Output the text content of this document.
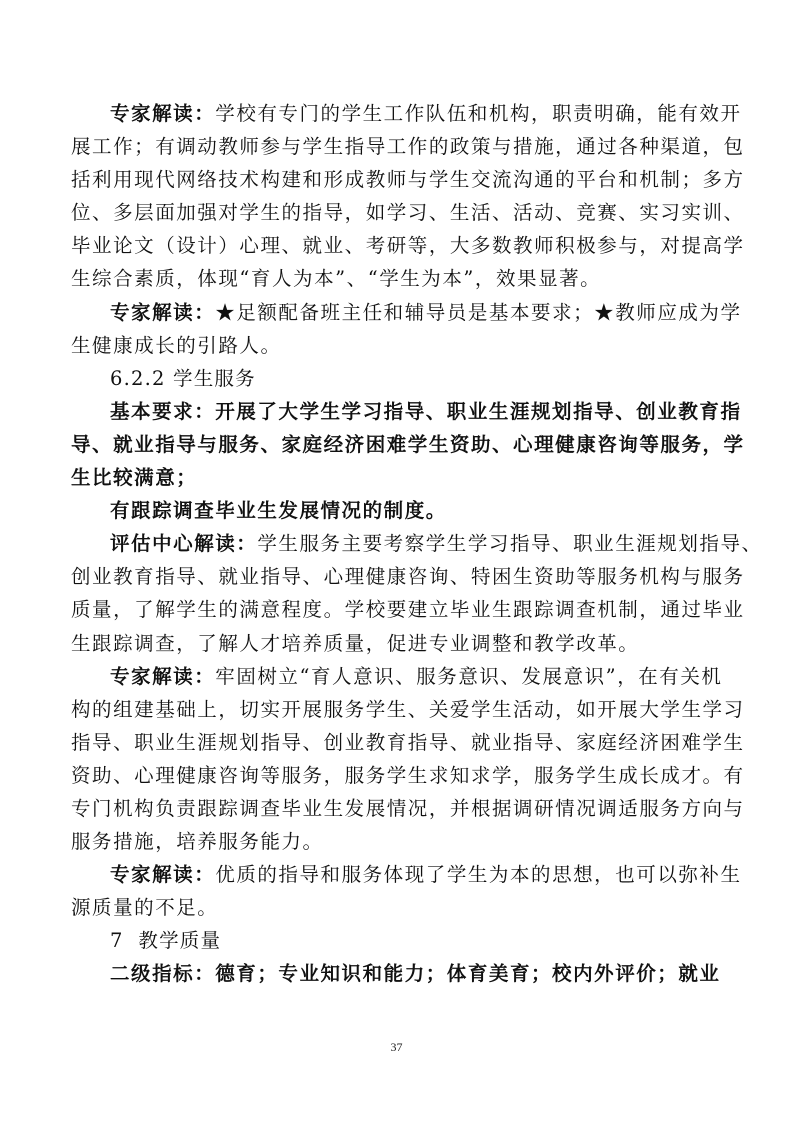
专家解读：学校有专门的学生工作队伍和机构，职责明确，能有效开
展工作；有调动教师参与学生指导工作的政策与措施，通过各种渠道，包
括利用现代网络技术构建和形成教师与学生交流沟通的平台和机制；多方
位、多层面加强对学生的指导，如学习、生活、活动、竞赛、实习实训、
毕业论文（设计）心理、就业、考研等，大多数教师积极参与，对提高学
生综合素质，体现“育人为本”、“学生为本”，效果显著。

专家解读：★足额配备班主任和辅导员是基本要求；★教师应成为学
生健康成长的引路人。

6.2.2 学生服务

基本要求：开展了大学生学习指导、职业生涯规划指导、创业教育指
导、就业指导与服务、家庭经济困难学生资助、心理健康咨询等服务，学
生比较满意；

有跟踪调查毕业生发展情况的制度。

评估中心解读：学生服务主要考察学生学习指导、职业生涯规划指导、
创业教育指导、就业指导、心理健康咨询、特困生资助等服务机构与服务
质量，了解学生的满意程度。学校要建立毕业生跟踪调查机制，通过毕业
生跟踪调查，了解人才培养质量，促进专业调整和教学改革。

专家解读：牢固树立“育人意识、服务意识、发展意识”，在有关机
构的组建基础上，切实开展服务学生、关爱学生活动，如开展大学生学习
指导、职业生涯规划指导、创业教育指导、就业指导、家庭经济困难学生
资助、心理健康咨询等服务，服务学生求知求学，服务学生成长成才。有
专门机构负责跟踪调查毕业生发展情况，并根据调研情况调适服务方向与
服务措施，培养服务能力。

专家解读：优质的指导和服务体现了学生为本的思想，也可以弥补生
源质量的不足。

7  教学质量

二级指标：德育；专业知识和能力；体育美育；校内外评价；就业

37
